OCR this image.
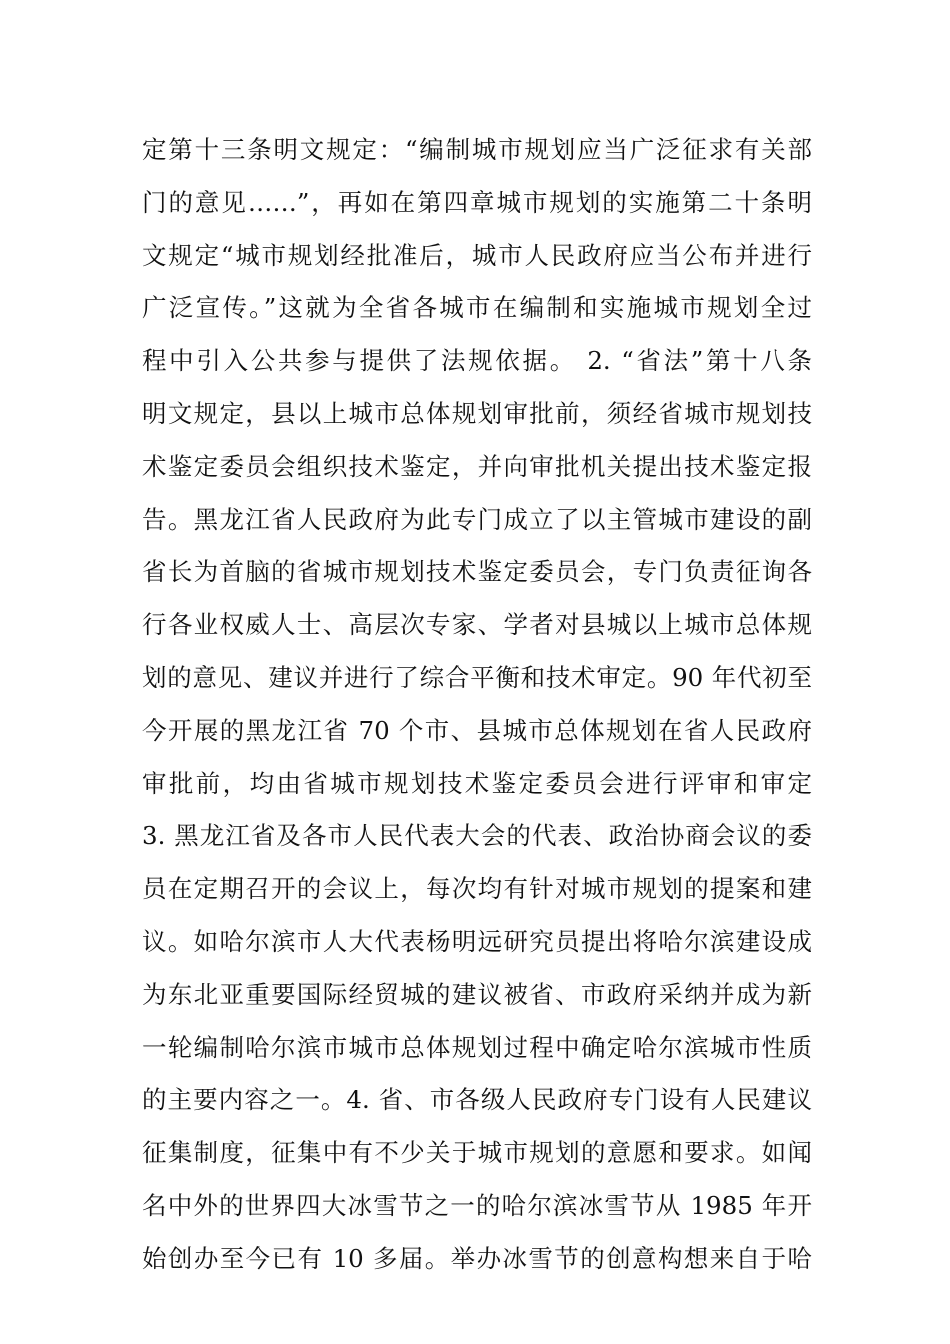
定第十三条明文规定：“编制城市规划应当广泛征求有关部
门的意见……”，再如在第四章城市规划的实施第二十条明
文规定“城市规划经批准后，城市人民政府应当公布并进行
广泛宣传。”这就为全省各城市在编制和实施城市规划全过
程中引入公共参与提供了法规依据。 2. “省法”第十八条
明文规定，县以上城市总体规划审批前，须经省城市规划技
术鉴定委员会组织技术鉴定，并向审批机关提出技术鉴定报
告。黑龙江省人民政府为此专门成立了以主管城市建设的副
省长为首脑的省城市规划技术鉴定委员会，专门负责征询各
行各业权威人士、高层次专家、学者对县城以上城市总体规
划的意见、建议并进行了综合平衡和技术审定。90 年代初至
今开展的黑龙江省 70 个市、县城市总体规划在省人民政府
审批前，均由省城市规划技术鉴定委员会进行评审和审定
3. 黑龙江省及各市人民代表大会的代表、政治协商会议的委
员在定期召开的会议上，每次均有针对城市规划的提案和建
议。如哈尔滨市人大代表杨明远研究员提出将哈尔滨建设成
为东北亚重要国际经贸城的建议被省、市政府采纳并成为新
一轮编制哈尔滨市城市总体规划过程中确定哈尔滨城市性质
的主要内容之一。4. 省、市各级人民政府专门设有人民建议
征集制度，征集中有不少关于城市规划的意愿和要求。如闻
名中外的世界四大冰雪节之一的哈尔滨冰雪节从 1985 年开
始创办至今已有 10 多届。举办冰雪节的创意构想来自于哈
